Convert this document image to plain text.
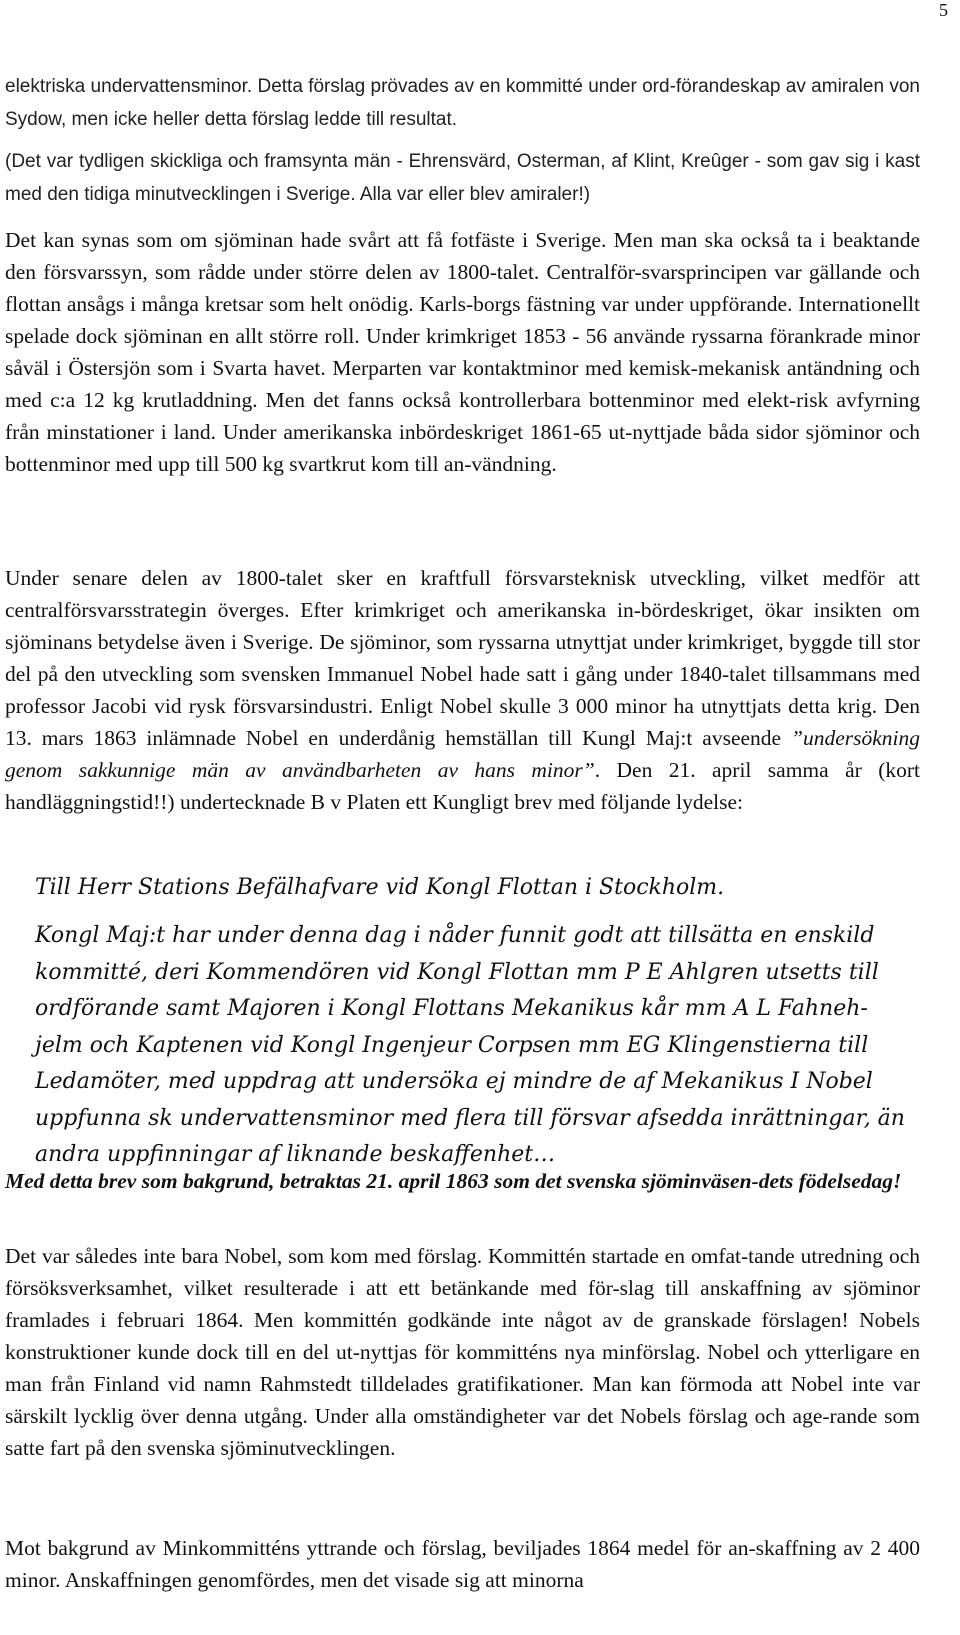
5

elektriska undervattensminor. Detta förslag prövades av en kommitté under ord-förandeskap av amiralen von Sydow, men icke heller detta förslag ledde till resultat.

(Det var tydligen skickliga och framsynta män - Ehrensvärd, Osterman, af Klint, Kreûger - som gav sig i kast med den tidiga minutvecklingen i Sverige. Alla var eller blev amiraler!)

Det kan synas som om sjöminan hade svårt att få fotfäste i Sverige. Men man ska också ta i beaktande den försvarssyn, som rådde under större delen av 1800-talet. Centralför-svarsprincipen var gällande och flottan ansågs i många kretsar som helt onödig. Karls-borgs fästning var under uppförande. Internationellt spelade dock sjöminan en allt större roll. Under krimkriget 1853 - 56 använde ryssarna förankrade minor såväl i Östersjön som i Svarta havet. Merparten var kontaktminor med kemisk-mekanisk antändning och med c:a 12 kg krutladdning. Men det fanns också kontrollerbara bottenminor med elekt-risk avfyrning från minstationer i land. Under amerikanska inbördeskriget 1861-65 ut-nyttjade båda sidor sjöminor och bottenminor med upp till 500 kg svartkrut kom till an-vändning.

Under senare delen av 1800-talet sker en kraftfull försvarsteknisk utveckling, vilket medför att centralförsvarsstrategin överges. Efter krimkriget och amerikanska in-bördeskriget, ökar insikten om sjöminans betydelse även i Sverige. De sjöminor, som ryssarna utnyttjat under krimkriget, byggde till stor del på den utveckling som svensken Immanuel Nobel hade satt i gång under 1840-talet tillsammans med professor Jacobi vid rysk försvarsindustri. Enligt Nobel skulle 3 000 minor ha utnyttjats detta krig. Den 13. mars 1863 inlämnade Nobel en underdånig hemställan till Kungl Maj:t avseende ”undersökning genom sakkunnige män av användbarheten av hans minor”. Den 21. april samma år (kort handläggningstid!!) undertecknade B v Platen ett Kungligt brev med följande lydelse:

Till Herr Stations Befälhafvare vid Kongl Flottan i Stockholm.

Kongl Maj:t har under denna dag i nåder funnit godt att tillsätta en enskild kommitté, deri Kommendören vid Kongl Flottan mm P E Ahlgren utsetts till ordförande samt Majoren i Kongl Flottans Mekanikus kår mm A L Fahneh-jelm och Kaptenen vid Kongl Ingenjeur Corpsen mm EG Klingenstierna till Ledamöter, med uppdrag att undersöka ej mindre de af Mekanikus I Nobel uppfunna sk undervattensminor med flera till försvar afsedda inrättningar, än andra uppfinningar af liknande beskaffenhet…

Med detta brev som bakgrund, betraktas 21. april 1863 som det svenska sjöminväsen-dets födelsedag!

Det var således inte bara Nobel, som kom med förslag. Kommittén startade en omfat-tande utredning och försöksverksamhet, vilket resulterade i att ett betänkande med för-slag till anskaffning av sjöminor framlades i februari 1864. Men kommittén godkände inte något av de granskade förslagen! Nobels konstruktioner kunde dock till en del ut-nyttjas för kommitténs nya minförslag. Nobel och ytterligare en man från Finland vid namn Rahmstedt tilldelades gratifikationer. Man kan förmoda att Nobel inte var särskilt lycklig över denna utgång. Under alla omständigheter var det Nobels förslag och age-rande som satte fart på den svenska sjöminutvecklingen.

Mot bakgrund av Minkommitténs yttrande och förslag, beviljades 1864 medel för an-skaffning av 2 400 minor. Anskaffningen genomfördes, men det visade sig att minorna
